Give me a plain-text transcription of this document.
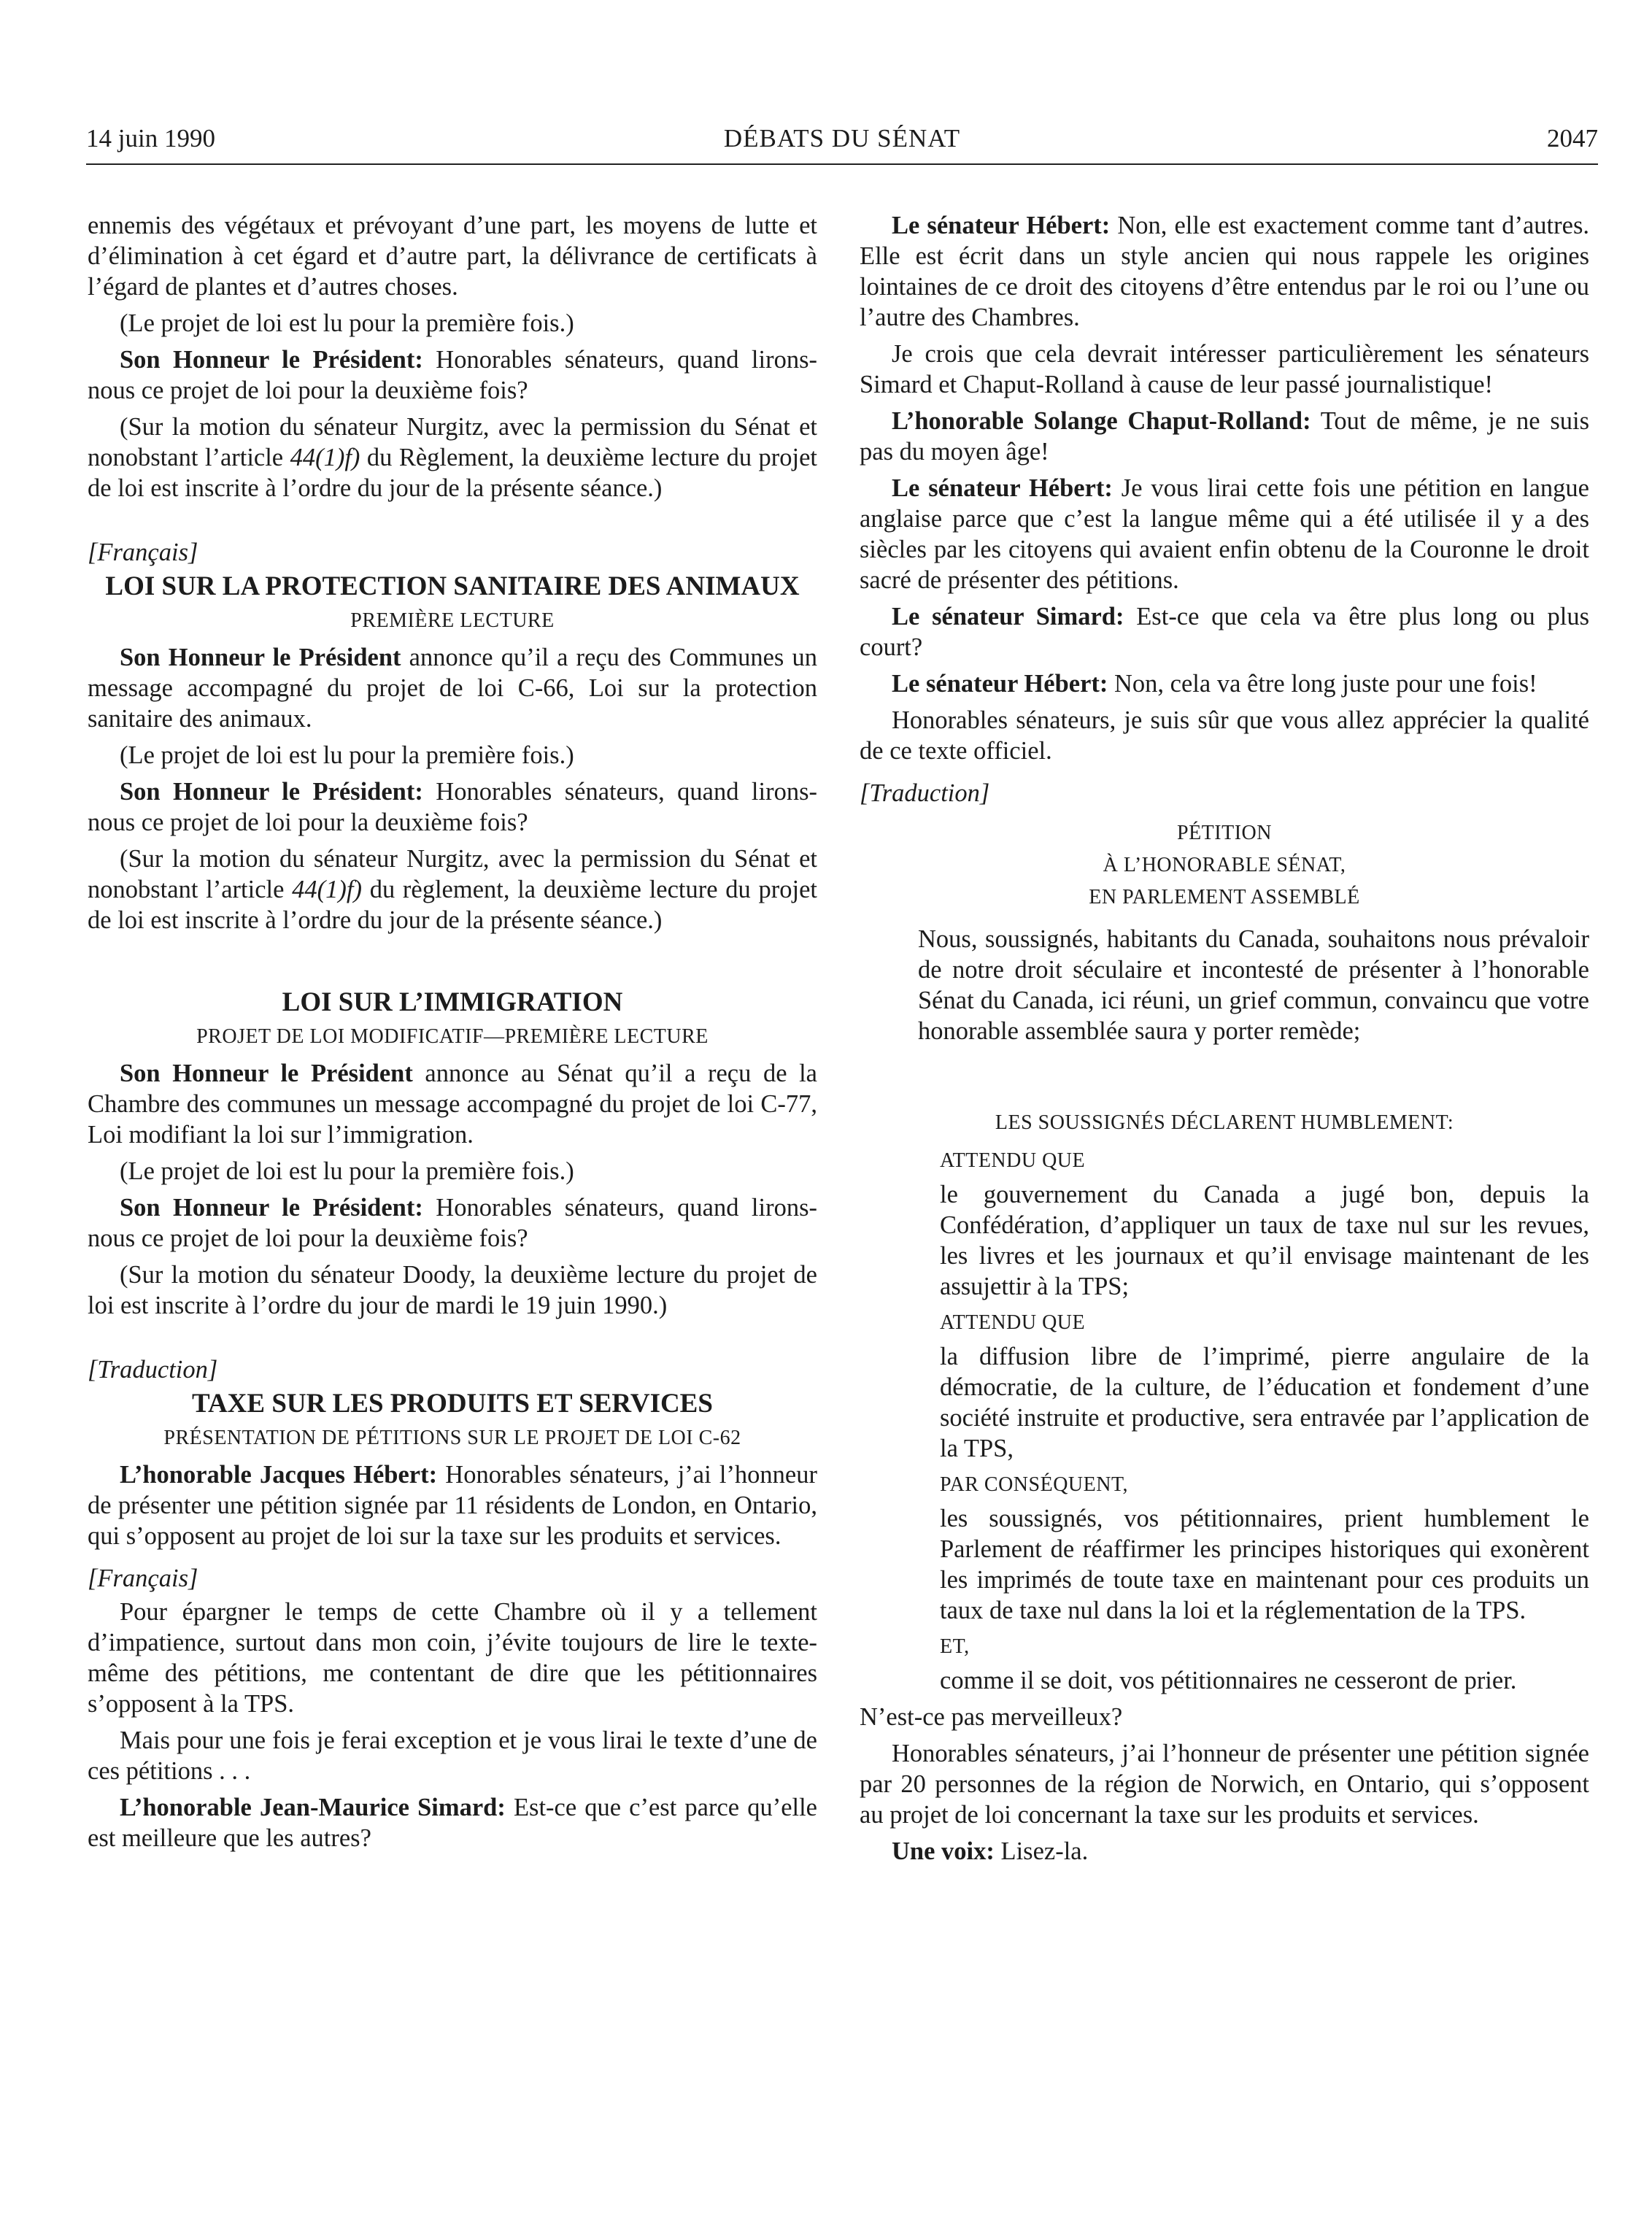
14 juin 1990	DÉBATS DU SÉNAT	2047

ennemis des végétaux et prévoyant d’une part, les moyens de lutte et d’élimination à cet égard et d’autre part, la délivrance de certificats à l’égard de plantes et d’autres choses.

(Le projet de loi est lu pour la première fois.)

Son Honneur le Président: Honorables sénateurs, quand lirons-nous ce projet de loi pour la deuxième fois?

(Sur la motion du sénateur Nurgitz, avec la permission du Sénat et nonobstant l’article 44(1)f) du Règlement, la deuxième lecture du projet de loi est inscrite à l’ordre du jour de la présente séance.)

[Français]

LOI SUR LA PROTECTION SANITAIRE DES ANIMAUX

PREMIÈRE LECTURE

Son Honneur le Président annonce qu’il a reçu des Communes un message accompagné du projet de loi C-66, Loi sur la protection sanitaire des animaux.

(Le projet de loi est lu pour la première fois.)

Son Honneur le Président: Honorables sénateurs, quand lirons-nous ce projet de loi pour la deuxième fois?

(Sur la motion du sénateur Nurgitz, avec la permission du Sénat et nonobstant l’article 44(1)f) du règlement, la deuxième lecture du projet de loi est inscrite à l’ordre du jour de la présente séance.)

LOI SUR L’IMMIGRATION

PROJET DE LOI MODIFICATIF—PREMIÈRE LECTURE

Son Honneur le Président annonce au Sénat qu’il a reçu de la Chambre des communes un message accompagné du projet de loi C-77, Loi modifiant la loi sur l’immigration.

(Le projet de loi est lu pour la première fois.)

Son Honneur le Président: Honorables sénateurs, quand lirons-nous ce projet de loi pour la deuxième fois?

(Sur la motion du sénateur Doody, la deuxième lecture du projet de loi est inscrite à l’ordre du jour de mardi le 19 juin 1990.)

[Traduction]

TAXE SUR LES PRODUITS ET SERVICES

PRÉSENTATION DE PÉTITIONS SUR LE PROJET DE LOI C-62

L’honorable Jacques Hébert: Honorables sénateurs, j’ai l’honneur de présenter une pétition signée par 11 résidents de London, en Ontario, qui s’opposent au projet de loi sur la taxe sur les produits et services.

[Français]

Pour épargner le temps de cette Chambre où il y a tellement d’impatience, surtout dans mon coin, j’évite toujours de lire le texte-même des pétitions, me contentant de dire que les pétitionnaires s’opposent à la TPS.

Mais pour une fois je ferai exception et je vous lirai le texte d’une de ces pétitions . . .

L’honorable Jean-Maurice Simard: Est-ce que c’est parce qu’elle est meilleure que les autres?

Le sénateur Hébert: Non, elle est exactement comme tant d’autres. Elle est écrit dans un style ancien qui nous rappele les origines lointaines de ce droit des citoyens d’être entendus par le roi ou l’une ou l’autre des Chambres.

Je crois que cela devrait intéresser particulièrement les sénateurs Simard et Chaput-Rolland à cause de leur passé journalistique!

L’honorable Solange Chaput-Rolland: Tout de même, je ne suis pas du moyen âge!

Le sénateur Hébert: Je vous lirai cette fois une pétition en langue anglaise parce que c’est la langue même qui a été utilisée il y a des siècles par les citoyens qui avaient enfin obtenu de la Couronne le droit sacré de présenter des pétitions.

Le sénateur Simard: Est-ce que cela va être plus long ou plus court?

Le sénateur Hébert: Non, cela va être long juste pour une fois!

Honorables sénateurs, je suis sûr que vous allez apprécier la qualité de ce texte officiel.

[Traduction]

PÉTITION

À L’HONORABLE SÉNAT,

EN PARLEMENT ASSEMBLÉ

Nous, soussignés, habitants du Canada, souhaitons nous prévaloir de notre droit séculaire et incontesté de présenter à l’honorable Sénat du Canada, ici réuni, un grief commun, convaincu que votre honorable assemblée saura y porter remède;

LES SOUSSIGNÉS DÉCLARENT HUMBLEMENT:

ATTENDU QUE

le gouvernement du Canada a jugé bon, depuis la Confédération, d’appliquer un taux de taxe nul sur les revues, les livres et les journaux et qu’il envisage maintenant de les assujettir à la TPS;

ATTENDU QUE

la diffusion libre de l’imprimé, pierre angulaire de la démocratie, de la culture, de l’éducation et fondement d’une société instruite et productive, sera entravée par l’application de la TPS,

PAR CONSÉQUENT,

les soussignés, vos pétitionnaires, prient humblement le Parlement de réaffirmer les principes historiques qui exonèrent les imprimés de toute taxe en maintenant pour ces produits un taux de taxe nul dans la loi et la réglementation de la TPS.

ET,

comme il se doit, vos pétitionnaires ne cesseront de prier.

N’est-ce pas merveilleux?

Honorables sénateurs, j’ai l’honneur de présenter une pétition signée par 20 personnes de la région de Norwich, en Ontario, qui s’opposent au projet de loi concernant la taxe sur les produits et services.

Une voix: Lisez-la.
